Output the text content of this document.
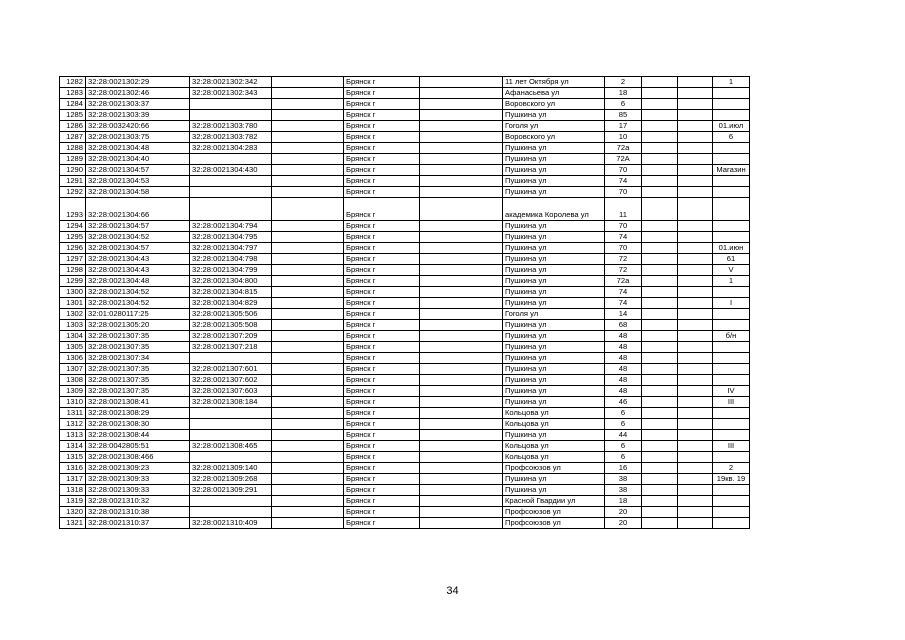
1282	32:28:0021302:29	32:28:0021302:342		Брянск г		11 лет Октября ул	2			1
1283	32:28:0021302:46	32:28:0021302:343		Брянск г		Афанасьева ул	18			
1284	32:28:0021303:37			Брянск г		Воровского ул	6			
1285	32:28:0021303:39			Брянск г		Пушкина ул	85			
1286	32:28:0032420:66	32:28:0021303:780		Брянск г		Гоголя ул	17			01.июл
1287	32:28:0021303:75	32:28:0021303:782		Брянск г		Воровского ул	10			6
1288	32:28:0021304:48	32:28:0021304:283		Брянск г		Пушкина ул	72а			
1289	32:28:0021304:40			Брянск г		Пушкина ул	72А			
1290	32:28:0021304:57	32:28:0021304:430		Брянск г		Пушкина ул	70			Магазин
1291	32:28:0021304:53			Брянск г		Пушкина ул	74			
1292	32:28:0021304:58			Брянск г		Пушкина ул	70			
1293	32:28:0021304:66			Брянск г		академика Королева ул	11			
1294	32:28:0021304:57	32:28:0021304:794		Брянск г		Пушкина ул	70			
1295	32:28:0021304:52	32:28:0021304:795		Брянск г		Пушкина ул	74			
1296	32:28:0021304:57	32:28:0021304:797		Брянск г		Пушкина ул	70			01.июн
1297	32:28:0021304:43	32:28:0021304:798		Брянск г		Пушкина ул	72			61
1298	32:28:0021304:43	32:28:0021304:799		Брянск г		Пушкина ул	72			V
1299	32:28:0021304:48	32:28:0021304:800		Брянск г		Пушкина ул	72а			1
1300	32:28:0021304:52	32:28:0021304:815		Брянск г		Пушкина ул	74			
1301	32:28:0021304:52	32:28:0021304:829		Брянск г		Пушкина ул	74			I
1302	32:01:0280117:25	32:28:0021305:506		Брянск г		Гоголя ул	14			
1303	32:28:0021305:20	32:28:0021305:508		Брянск г		Пушкина ул	68			
1304	32:28:0021307:35	32:28:0021307:209		Брянск г		Пушкина ул	48			б/н
1305	32:28:0021307:35	32:28:0021307:218		Брянск г		Пушкина ул	48			
1306	32:28:0021307:34			Брянск г		Пушкина ул	48			
1307	32:28:0021307:35	32:28:0021307:601		Брянск г		Пушкина ул	48			
1308	32:28:0021307:35	32:28:0021307:602		Брянск г		Пушкина ул	48			
1309	32:28:0021307:35	32:28:0021307:603		Брянск г		Пушкина ул	48			IV
1310	32:28:0021308:41	32:28:0021308:184		Брянск г		Пушкина ул	46			III
1311	32:28:0021308:29			Брянск г		Кольцова ул	6			
1312	32:28:0021308:30			Брянск г		Кольцова ул	6			
1313	32:28:0021308:44			Брянск г		Пушкина ул	44			
1314	32:28:0042805:51	32:28:0021308:465		Брянск г		Кольцова ул	6			III
1315	32:28:0021308:466			Брянск г		Кольцова ул	6			
1316	32:28:0021309:23	32:28:0021309:140		Брянск г		Профсоюзов ул	16			2
1317	32:28:0021309:33	32:28:0021309:268		Брянск г		Пушкина ул	38			19кв. 19
1318	32:28:0021309:33	32:28:0021309:291		Брянск г		Пушкина ул	38			
1319	32:28:0021310:32			Брянск г		Красной Гвардии ул	18			
1320	32:28:0021310:38			Брянск г		Профсоюзов ул	20			
1321	32:28:0021310:37	32:28:0021310:409		Брянск г		Профсоюзов ул	20			
34
